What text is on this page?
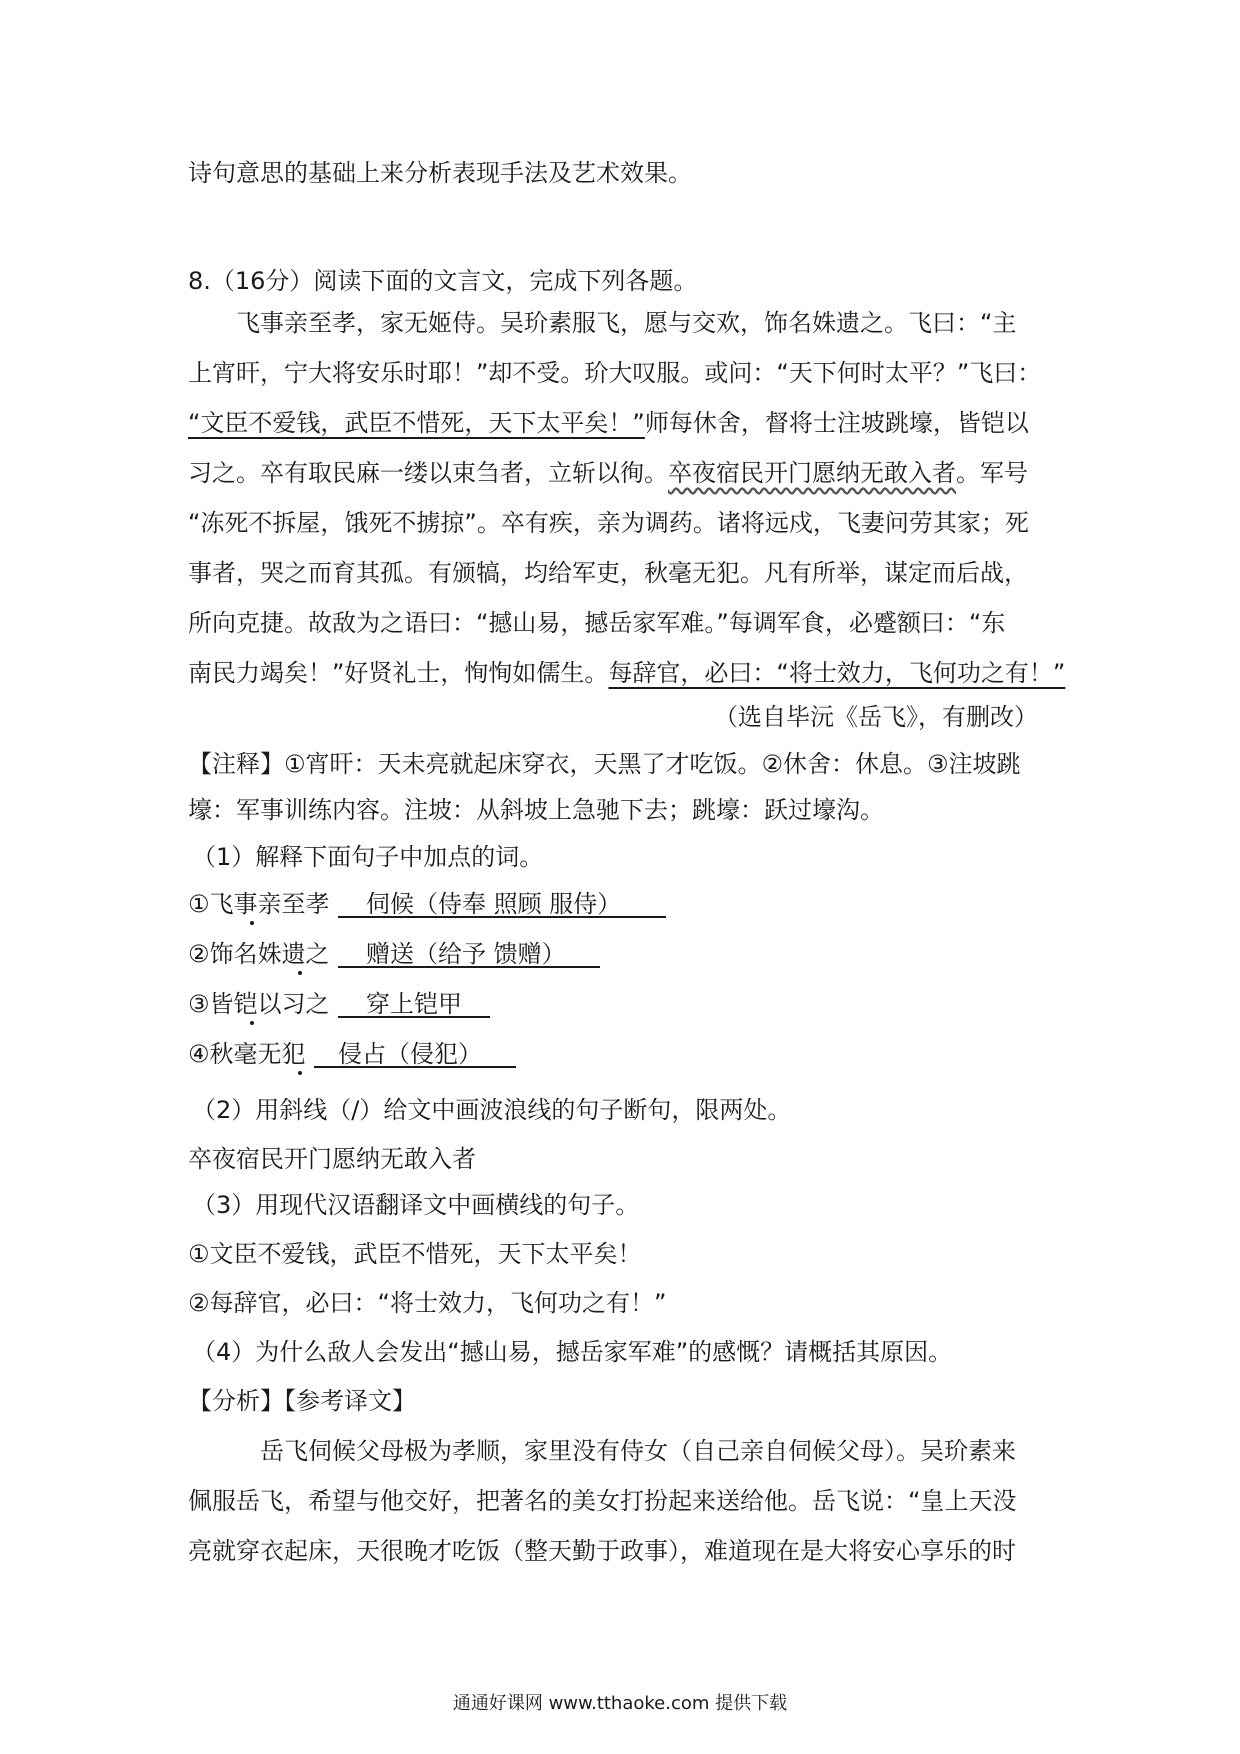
诗句意思的基础上来分析表现手法及艺术效果。
8.（16分）阅读下面的文言文，完成下列各题。
飞事亲至孝，家无姬侍。吴玠素服飞，愿与交欢，饰名姝遗之。飞曰：“主
上宵旰，宁大将安乐时耶！”却不受。玠大叹服。或问：“天下何时太平？”飞曰：
“文臣不爱钱，武臣不惜死，天下太平矣！”师每休舍，督将士注坡跳壕，皆铠以
习之。卒有取民麻一缕以束刍者，立斩以徇。卒夜宿民开门愿纳无敢入者。军号
“冻死不拆屋，饿死不掳掠”。卒有疾，亲为调药。诸将远戍，飞妻问劳其家；死
事者，哭之而育其孤。有颁犒，均给军吏，秋毫无犯。凡有所举，谋定而后战，
所向克捷。故敌为之语曰：“撼山易，撼岳家军难。”每调军食，必蹙额曰：“东
南民力竭矣！”好贤礼士，恂恂如儒生。每辞官，必曰：“将士效力，飞何功之有！”
（选自毕沅《岳飞》，有删改）
【注释】①宵旰：天未亮就起床穿衣，天黑了才吃饭。②休舍：休息。③注坡跳
壕：军事训练内容。注坡：从斜坡上急驰下去；跳壕：跃过壕沟。
（1）解释下面句子中加点的词。
①飞事亲至孝 伺候（侍奉 照顾 服侍）
②饰名姝遗之 赠送（给予 馈赠）
③皆铠以习之 穿上铠甲
④秋毫无犯 侵占（侵犯）
（2）用斜线（/）给文中画波浪线的句子断句，限两处。
卒夜宿民开门愿纳无敢入者
（3）用现代汉语翻译文中画横线的句子。
①文臣不爱钱，武臣不惜死，天下太平矣！
②每辞官，必曰：“将士效力，飞何功之有！”
（4）为什么敌人会发出“撼山易，撼岳家军难”的感慨？请概括其原因。
【分析】【参考译文】
岳飞伺候父母极为孝顺，家里没有侍女（自己亲自伺候父母）。吴玠素来
佩服岳飞，希望与他交好，把著名的美女打扮起来送给他。岳飞说：“皇上天没
亮就穿衣起床，天很晚才吃饭（整天勤于政事），难道现在是大将安心享乐的时
通通好课网 www.tthaoke.com 提供下载
